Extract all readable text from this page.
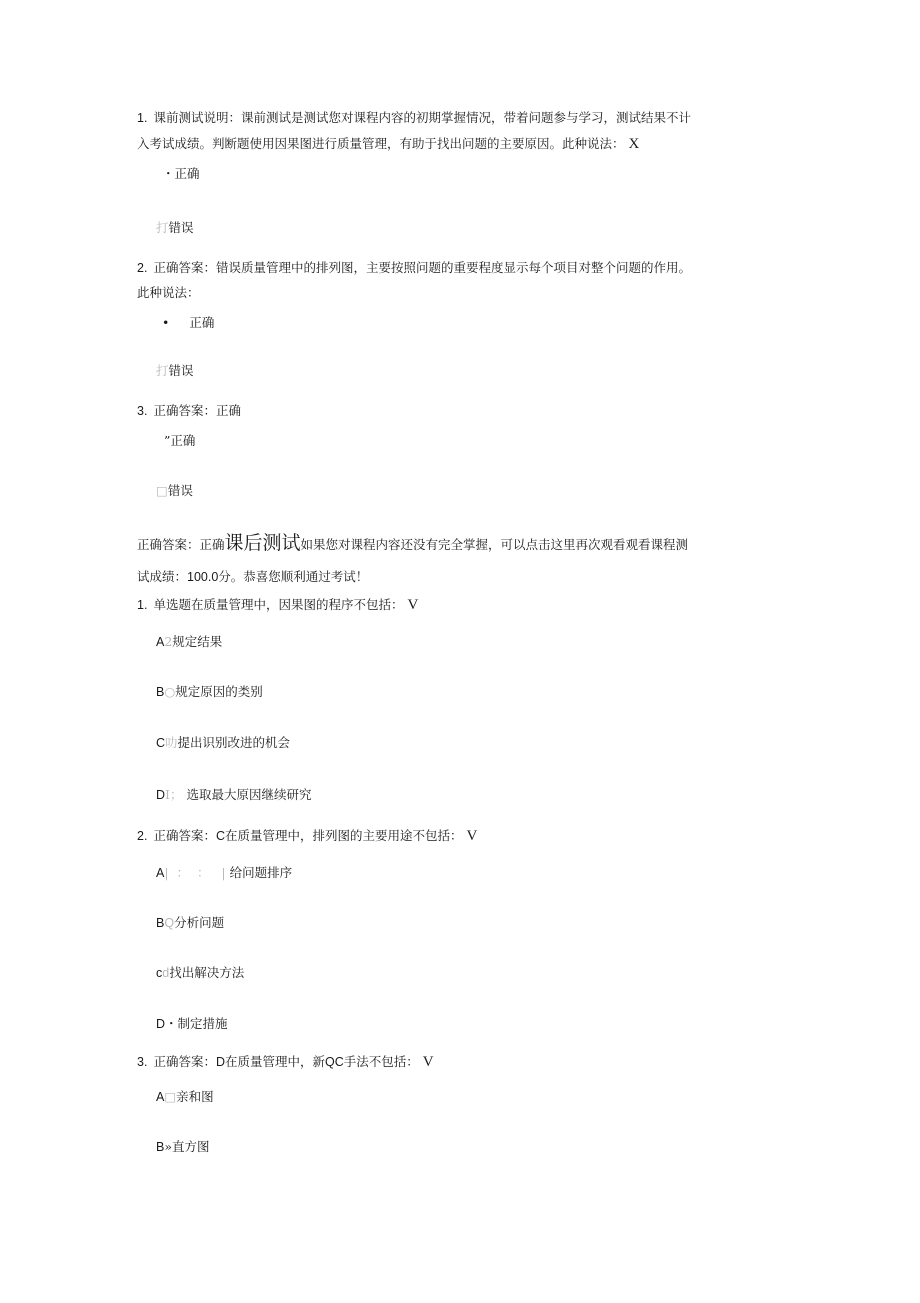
1. 课前测试说明：课前测试是测试您对课程内容的初期掌握情况，带着问题参与学习，测试结果不计
入考试成绩。判断题使用因果图进行质量管理，有助于找出问题的主要原因。此种说法： X
・正确
打错误
2. 正确答案：错误质量管理中的排列图，主要按照问题的重要程度显示每个项目对整个问题的作用。
此种说法：
• 正确
打错误
3. 正确答案：正确
”正确
□错误
正确答案：正确课后测试如果您对课程内容还没有完全掌握，可以点击这里再次观看观看课程测
试成绩：100.0分。恭喜您顺利通过考试！
1. 单选题在质量管理中，因果图的程序不包括： V
A2规定结果
B○规定原因的类别
C叻提出识别改进的机会
DI； 选取最大原因继续研究
2. 正确答案：C在质量管理中，排列图的主要用途不包括： V
A|  ：  ：   | 给问题排序
BQ分析问题
cd找出解决方法
D・制定措施
3. 正确答案：D在质量管理中，新QC手法不包括： V
A□亲和图
B»直方图
